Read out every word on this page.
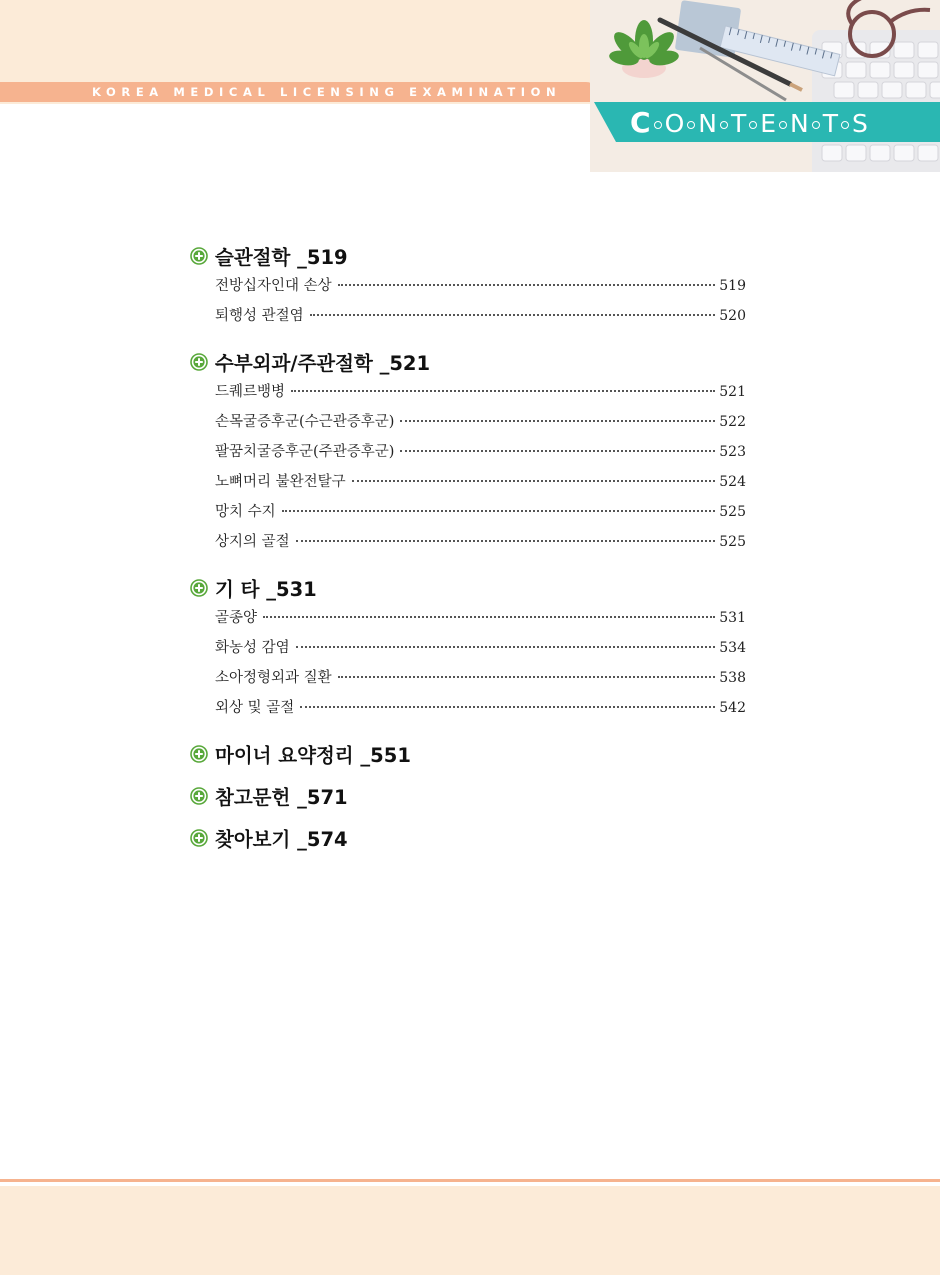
KOREA MEDICAL LICENSING EXAMINATION
C O N T E N T S
슬관절학 _519
전방십자인대 손상	519
퇴행성 관절염	520
수부외과/주관절학 _521
드퀘르뱅병	521
손목굴증후군(수근관증후군)	522
팔꿈치굴증후군(주관증후군)	523
노뼈머리 불완전탈구	524
망치 수지	525
상지의 골절	525
기 타 _531
골종양	531
화농성 감염	534
소아정형외과 질환	538
외상 및 골절	542
마이너 요약정리 _551
참고문헌 _571
찾아보기 _574
